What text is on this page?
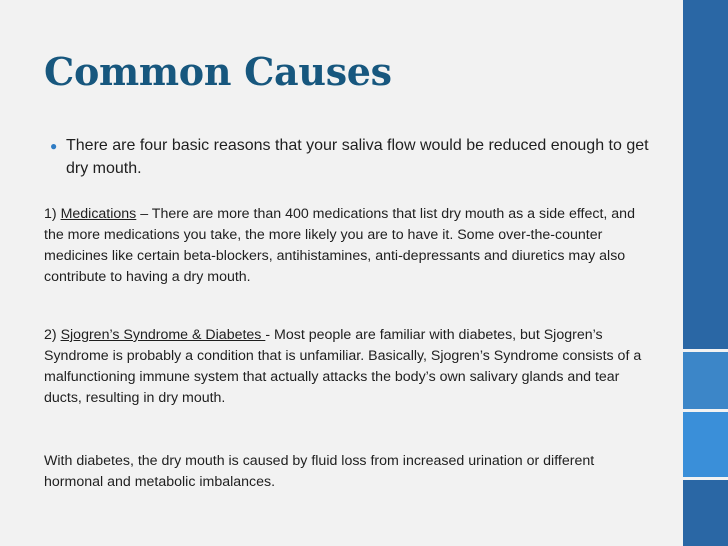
Common Causes
● There are four basic reasons that your saliva flow would be reduced enough to get dry mouth.

1) Medications – There are more than 400 medications that list dry mouth as a side effect, and the more medications you take, the more likely you are to have it. Some over-the-counter medicines like certain beta-blockers, antihistamines, anti-depressants and diuretics may also contribute to having a dry mouth.

2) Sjogren’s Syndrome & Diabetes - Most people are familiar with diabetes, but Sjogren’s Syndrome is probably a condition that is unfamiliar. Basically, Sjogren’s Syndrome consists of a malfunctioning immune system that actually attacks the body’s own salivary glands and tear ducts, resulting in dry mouth.

With diabetes, the dry mouth is caused by fluid loss from increased urination or different hormonal and metabolic imbalances.
